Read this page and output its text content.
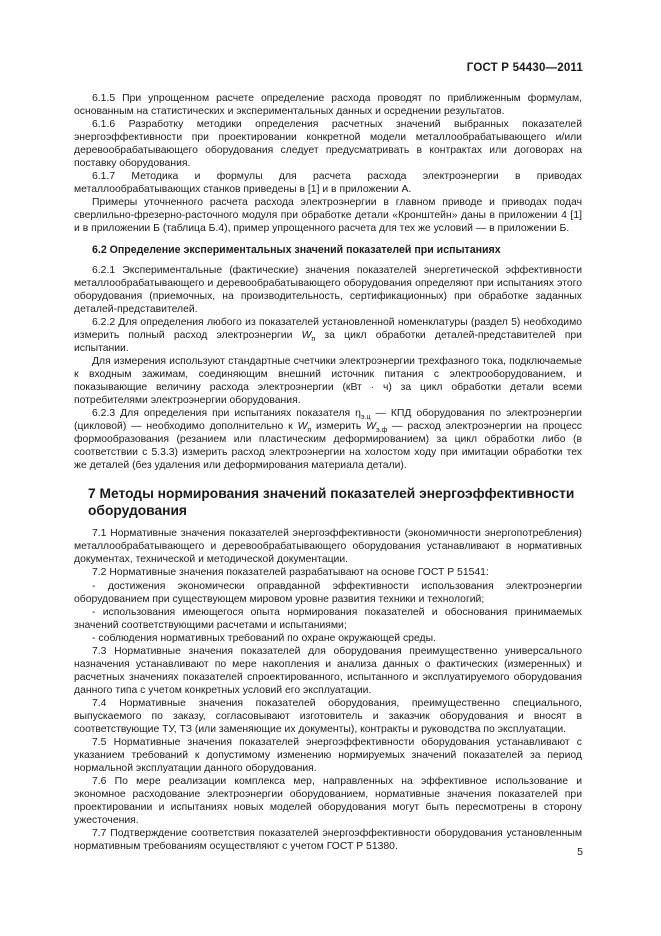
ГОСТ Р 54430—2011

6.1.5 При упрощенном расчете определение расхода проводят по приближенным формулам, основанным на статистических и экспериментальных данных и осреднении результатов.

6.1.6 Разработку методики определения расчетных значений выбранных показателей энергоэффективности при проектировании конкретной модели металлообрабатывающего и/или деревообрабатывающего оборудования следует предусматривать в контрактах или договорах на поставку оборудования.

6.1.7 Методика и формулы для расчета расхода электроэнергии в приводах металлообрабатывающих станков приведены в [1] и в приложении А.

Примеры уточненного расчета расхода электроэнергии в главном приводе и приводах подач сверлильно-фрезерно-расточного модуля при обработке детали «Кронштейн» даны в приложении 4 [1] и в приложении Б (таблица Б.4), пример упрощенного расчета для тех же условий — в приложении Б.

6.2 Определение экспериментальных значений показателей при испытаниях

6.2.1 Экспериментальные (фактические) значения показателей энергетической эффективности металлообрабатывающего и деревообрабатывающего оборудования определяют при испытаниях этого оборудования (приемочных, на производительность, сертификационных) при обработке заданных деталей-представителей.

6.2.2 Для определения любого из показателей установленной номенклатуры (раздел 5) необходимо измерить полный расход электроэнергии $W_п$ за цикл обработки деталей-представителей при испытании.

Для измерения используют стандартные счетчики электроэнергии трехфазного тока, подключаемые к входным зажимам, соединяющим внешний источник питания с электрооборудованием, и показывающие величину расхода электроэнергии (кВт · ч) за цикл обработки детали всеми потребителями электроэнергии оборудования.

6.2.3 Для определения при испытаниях показателя $\eta_{э.ц}$ — КПД оборудования по электроэнергии (цикловой) — необходимо дополнительно к $W_п$ измерить $W_{э.ф}$ — расход электроэнергии на процесс формообразования (резанием или пластическим деформированием) за цикл обработки либо (в соответствии с 5.3.3) измерить расход электроэнергии на холостом ходу при имитации обработки тех же деталей (без удаления или деформирования материала детали).

7 Методы нормирования значений показателей энергоэффективности оборудования

7.1 Нормативные значения показателей энергоэффективности (экономичности энергопотребления) металлообрабатывающего и деревообрабатывающего оборудования устанавливают в нормативных документах, технической и методической документации.

7.2 Нормативные значения показателей разрабатывают на основе ГОСТ Р 51541:

- достижения экономически оправданной эффективности использования электроэнергии оборудованием при существующем мировом уровне развития техники и технологий;

- использования имеющегося опыта нормирования показателей и обоснования принимаемых значений соответствующими расчетами и испытаниями;

- соблюдения нормативных требований по охране окружающей среды.

7.3 Нормативные значения показателей для оборудования преимущественно универсального назначения устанавливают по мере накопления и анализа данных о фактических (измеренных) и расчетных значениях показателей спроектированного, испытанного и эксплуатируемого оборудования данного типа с учетом конкретных условий его эксплуатации.

7.4 Нормативные значения показателей оборудования, преимущественно специального, выпускаемого по заказу, согласовывают изготовитель и заказчик оборудования и вносят в соответствующие ТУ, ТЗ (или заменяющие их документы), контракты и руководства по эксплуатации.

7.5 Нормативные значения показателей энергоэффективности оборудования устанавливают с указанием требований к допустимому изменению нормируемых значений показателей за период нормальной эксплуатации данного оборудования.

7.6 По мере реализации комплекса мер, направленных на эффективное использование и экономное расходование электроэнергии оборудованием, нормативные значения показателей при проектировании и испытаниях новых моделей оборудования могут быть пересмотрены в сторону ужесточения.

7.7 Подтверждение соответствия показателей энергоэффективности оборудования установленным нормативным требованиям осуществляют с учетом ГОСТ Р 51380.	5
